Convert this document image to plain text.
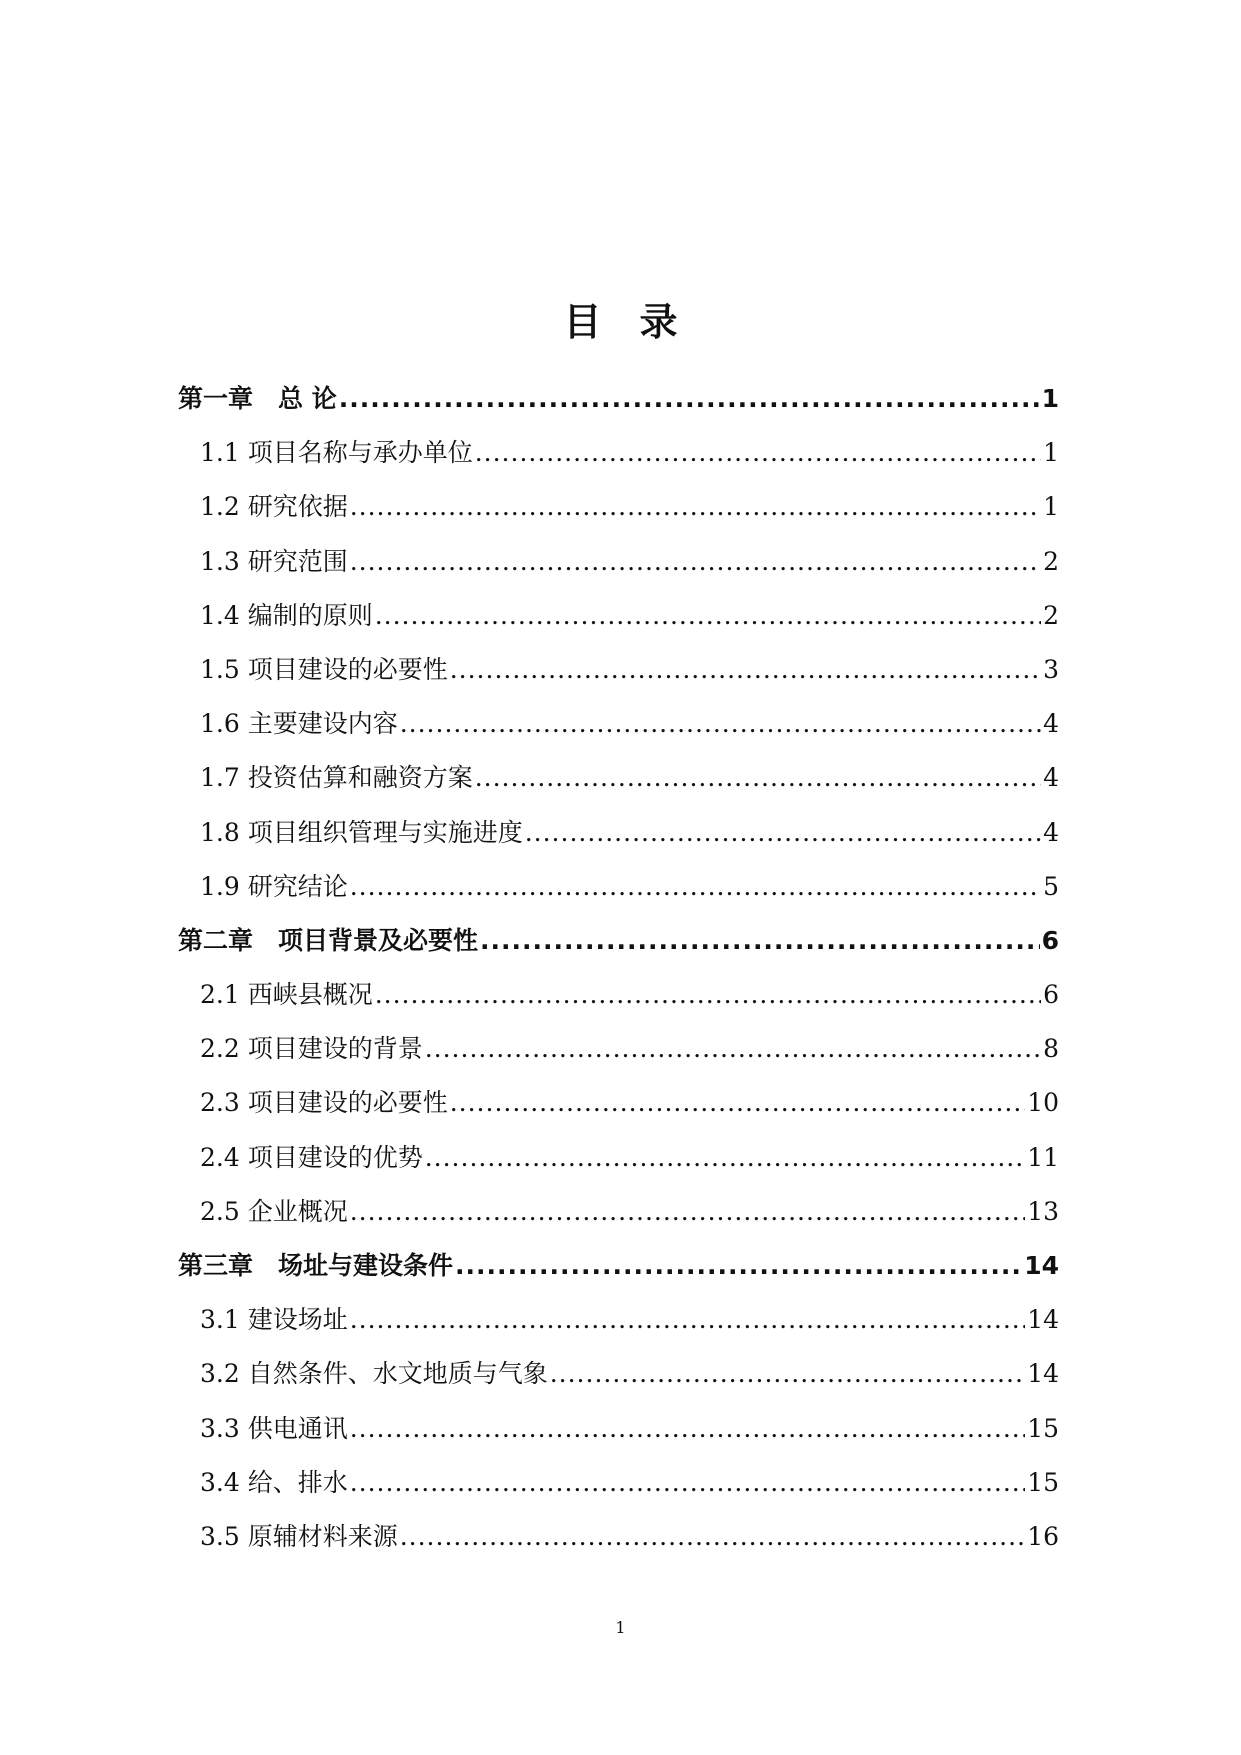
目录
第一章　总 论 .....	1
1.1 项目名称与承办单位 .....	1
1.2 研究依据 .....	1
1.3 研究范围 .....	2
1.4 编制的原则 .....	2
1.5 项目建设的必要性 .....	3
1.6 主要建设内容 .....	4
1.7 投资估算和融资方案 .....	4
1.8 项目组织管理与实施进度 .....	4
1.9 研究结论 .....	5
第二章　项目背景及必要性 .....	6
2.1 西峡县概况 .....	6
2.2 项目建设的背景 .....	8
2.3 项目建设的必要性 .....	10
2.4 项目建设的优势 .....	11
2.5 企业概况 .....	13
第三章　场址与建设条件 .....	14
3.1 建设场址 .....	14
3.2 自然条件、水文地质与气象 .....	14
3.3 供电通讯 .....	15
3.4 给、排水 .....	15
3.5 原辅材料来源 .....	16
1
